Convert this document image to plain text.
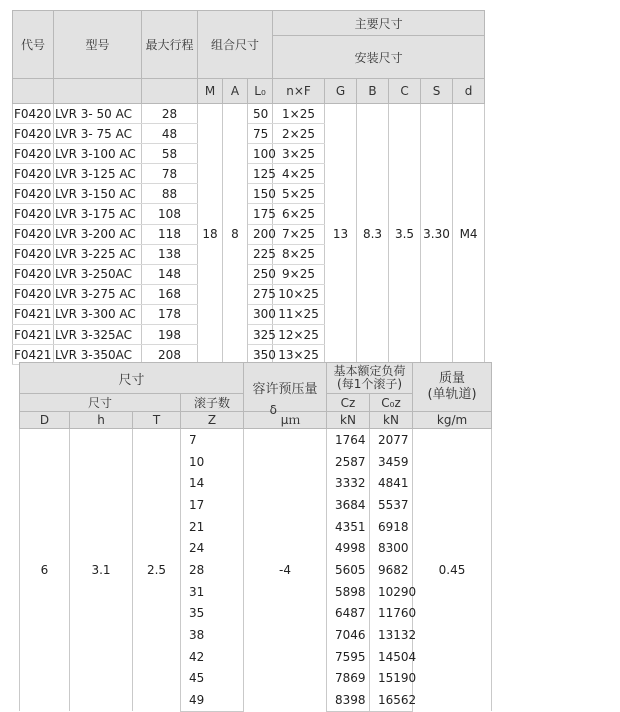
代号	型号	最大行程	组合尺寸			主要尺寸					
						安装尺寸					
			M	A	L₀	n×F	G	B	C	S	d
F0420	LVR 3- 50 AC	28	18	8	50	1×25	13	8.3	3.5	3.30	M4
F0420	LVR 3- 75 AC	48			75	2×25					
F0420	LVR 3-100 AC	58			100	3×25					
F0420	LVR 3-125 AC	78			125	4×25					
F0420	LVR 3-150 AC	88			150	5×25					
F0420	LVR 3-175 AC	108			175	6×25					
F0420	LVR 3-200 AC	118			200	7×25					
F0420	LVR 3-225 AC	138			225	8×25					
F0420	LVR 3-250AC	148			250	9×25					
F0420	LVR 3-275 AC	168			275	10×25					
F0421	LVR 3-300 AC	178			300	11×25					
F0421	LVR 3-325AC	198			325	12×25					
F0421	LVR 3-350AC	208			350	13×25					
尺寸				容许预压量	基本额定负荷
(每1个滚子)		质量
(单轨道)
尺寸			滚子数		Cz	C₀z	
D	h	T	Z	δ μｍ	kN	kN	kg/m
6	3.1	2.5	7	-4	1764	2077	0.45
			10		2587	3459	
			14		3332	4841	
			17		3684	5537	
			21		4351	6918	
			24		4998	8300	
			28		5605	9682	
			31		5898	10290	
			35		6487	11760	
			38		7046	13132	
			42		7595	14504	
			45		7869	15190	
			49		8398	16562	
